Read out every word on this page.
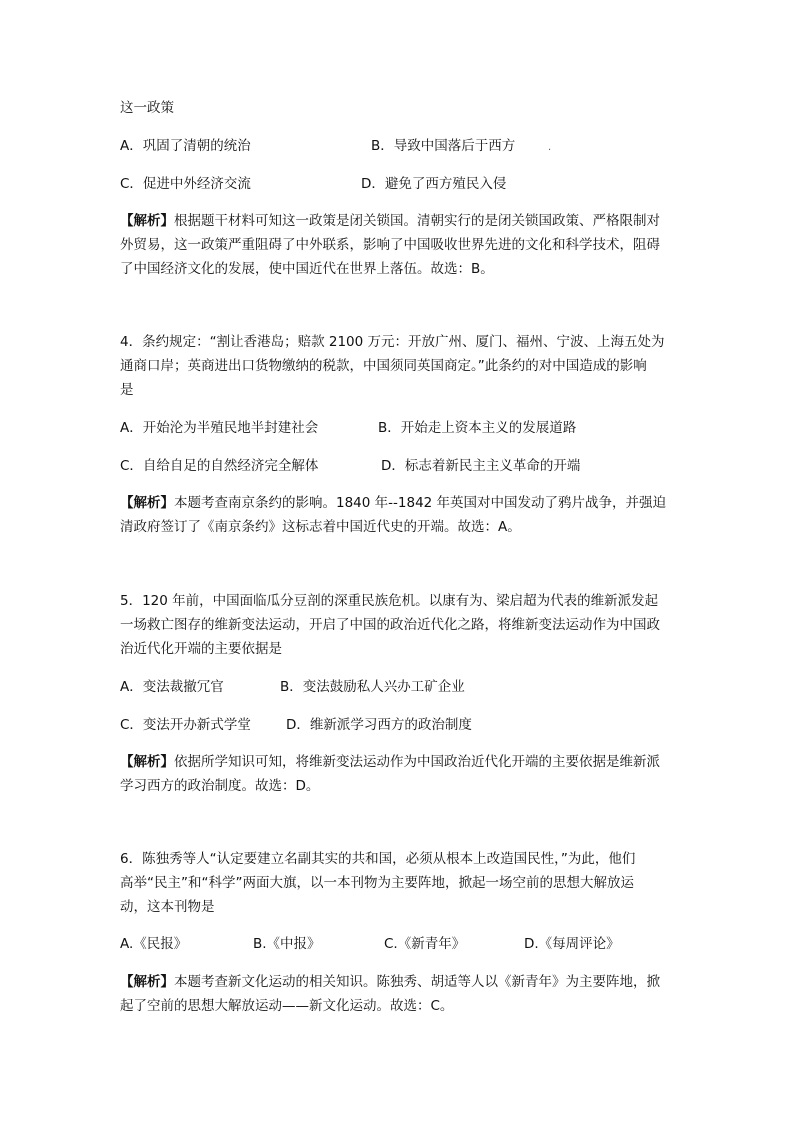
这一政策
A．巩固了清朝的统治	B．导致中国落后于西方	.
C．促进中外经济交流	D．避免了西方殖民入侵
【解析】根据题干材料可知这一政策是闭关锁国。清朝实行的是闭关锁国政策、严格限制对
外贸易，这一政策严重阻碍了中外联系，影响了中国吸收世界先进的文化和科学技术，阻碍
了中国经济文化的发展，使中国近代在世界上落伍。故选：B。
4．条约规定：“割让香港岛；赔款 2100 万元：开放广州、厦门、福州、宁波、上海五处为
通商口岸；英商进出口货物缴纳的税款，中国须同英国商定。”此条约的对中国造成的影响
是
A．开始沦为半殖民地半封建社会	B．开始走上资本主义的发展道路
C．自给自足的自然经济完全解体	D．标志着新民主主义革命的开端
【解析】本题考查南京条约的影响。1840 年--1842 年英国对中国发动了鸦片战争，并强迫
清政府签订了《南京条约》这标志着中国近代史的开端。故选：A。
5．120 年前，中国面临瓜分豆剖的深重民族危机。以康有为、梁启超为代表的维新派发起
一场救亡图存的维新变法运动，开启了中国的政治近代化之路，将维新变法运动作为中国政
治近代化开端的主要依据是
A．变法裁撤冗官	B．变法鼓励私人兴办工矿企业
C．变法开办新式学堂	D．维新派学习西方的政治制度
【解析】依据所学知识可知，将维新变法运动作为中国政治近代化开端的主要依据是维新派
学习西方的政治制度。故选：D。
6．陈独秀等人“认定要建立名副其实的共和国，必须从根本上改造国民性，”为此，他们
高举“民主”和“科学”两面大旗，以一本刊物为主要阵地，掀起一场空前的思想大解放运
动，这本刊物是
A.《民报》	B.《中报》	C.《新青年》	D.《每周评论》
【解析】本题考查新文化运动的相关知识。陈独秀、胡适等人以《新青年》为主要阵地，掀
起了空前的思想大解放运动——新文化运动。故选：C。
